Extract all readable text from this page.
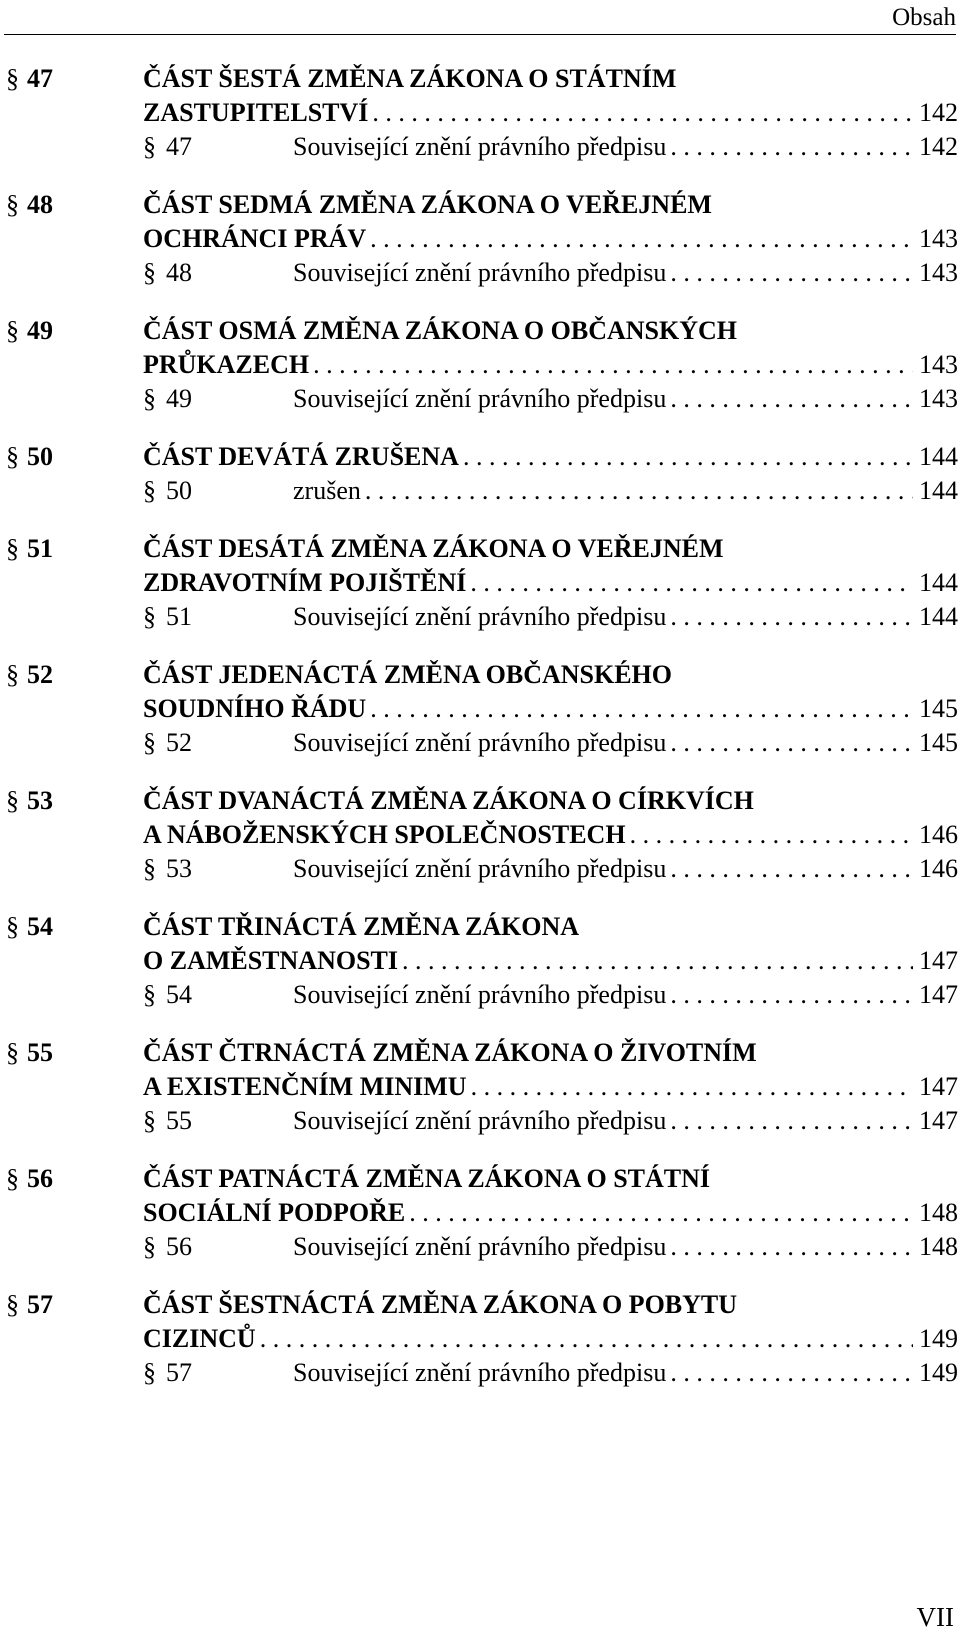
Obsah
§ 47	ČÁST ŠESTÁ ZMĚNA ZÁKONA O STÁTNÍM
ZASTUPITELSTVÍ . . .	142
§ 47	Související znění právního předpisu . . .	142
§ 48	ČÁST SEDMÁ ZMĚNA ZÁKONA O VEŘEJNÉM
OCHRÁNCI PRÁV . . .	143
§ 48	Související znění právního předpisu . . .	143
§ 49	ČÁST OSMÁ ZMĚNA ZÁKONA O OBČANSKÝCH
PRŮKAZECH . . .	143
§ 49	Související znění právního předpisu . . .	143
§ 50	ČÁST DEVÁTÁ ZRUŠENA . . .	144
§ 50	zrušen . . .	144
§ 51	ČÁST DESÁTÁ ZMĚNA ZÁKONA O VEŘEJNÉM
ZDRAVOTNÍM POJIŠTĚNÍ . . .	144
§ 51	Související znění právního předpisu . . .	144
§ 52	ČÁST JEDENÁCTÁ ZMĚNA OBČANSKÉHO
SOUDNÍHO ŘÁDU . . .	145
§ 52	Související znění právního předpisu . . .	145
§ 53	ČÁST DVANÁCTÁ ZMĚNA ZÁKONA O CÍRKVÍCH
A NÁBOŽENSKÝCH SPOLEČNOSTECH . . .	146
§ 53	Související znění právního předpisu . . .	146
§ 54	ČÁST TŘINÁCTÁ ZMĚNA ZÁKONA
O ZAMĚSTNANOSTI . . .	147
§ 54	Související znění právního předpisu . . .	147
§ 55	ČÁST ČTRNÁCTÁ ZMĚNA ZÁKONA O ŽIVOTNÍM
A EXISTENČNÍM MINIMU . . .	147
§ 55	Související znění právního předpisu . . .	147
§ 56	ČÁST PATNÁCTÁ ZMĚNA ZÁKONA O STÁTNÍ
SOCIÁLNÍ PODPOŘE . . .	148
§ 56	Související znění právního předpisu . . .	148
§ 57	ČÁST ŠESTNÁCTÁ ZMĚNA ZÁKONA O POBYTU
CIZINCŮ . . .	149
§ 57	Související znění právního předpisu . . .	149
VII
